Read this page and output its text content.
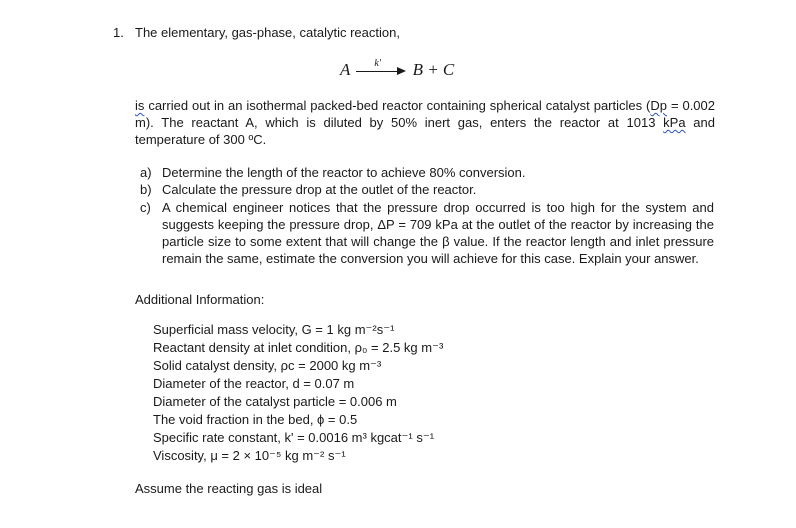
1. The elementary, gas-phase, catalytic reaction,
A k' B + C
is carried out in an isothermal packed-bed reactor containing spherical catalyst particles (Dp = 0.002 m). The reactant A, which is diluted by 50% inert gas, enters the reactor at 1013 kPa and temperature of 300 ºC.
a) Determine the length of the reactor to achieve 80% conversion.
b) Calculate the pressure drop at the outlet of the reactor.
c) A chemical engineer notices that the pressure drop occurred is too high for the system and suggests keeping the pressure drop, ΔP = 709 kPa at the outlet of the reactor by increasing the particle size to some extent that will change the β value. If the reactor length and inlet pressure remain the same, estimate the conversion you will achieve for this case. Explain your answer.
Additional Information:
Superficial mass velocity, G = 1 kg m⁻²s⁻¹
Reactant density at inlet condition, ρ₀ = 2.5 kg m⁻³
Solid catalyst density, ρc = 2000 kg m⁻³
Diameter of the reactor, d = 0.07 m
Diameter of the catalyst particle = 0.006 m
The void fraction in the bed, ϕ = 0.5
Specific rate constant, k' = 0.0016 m³ kgcat⁻¹ s⁻¹
Viscosity, μ = 2 × 10⁻⁵ kg m⁻² s⁻¹
Assume the reacting gas is ideal
